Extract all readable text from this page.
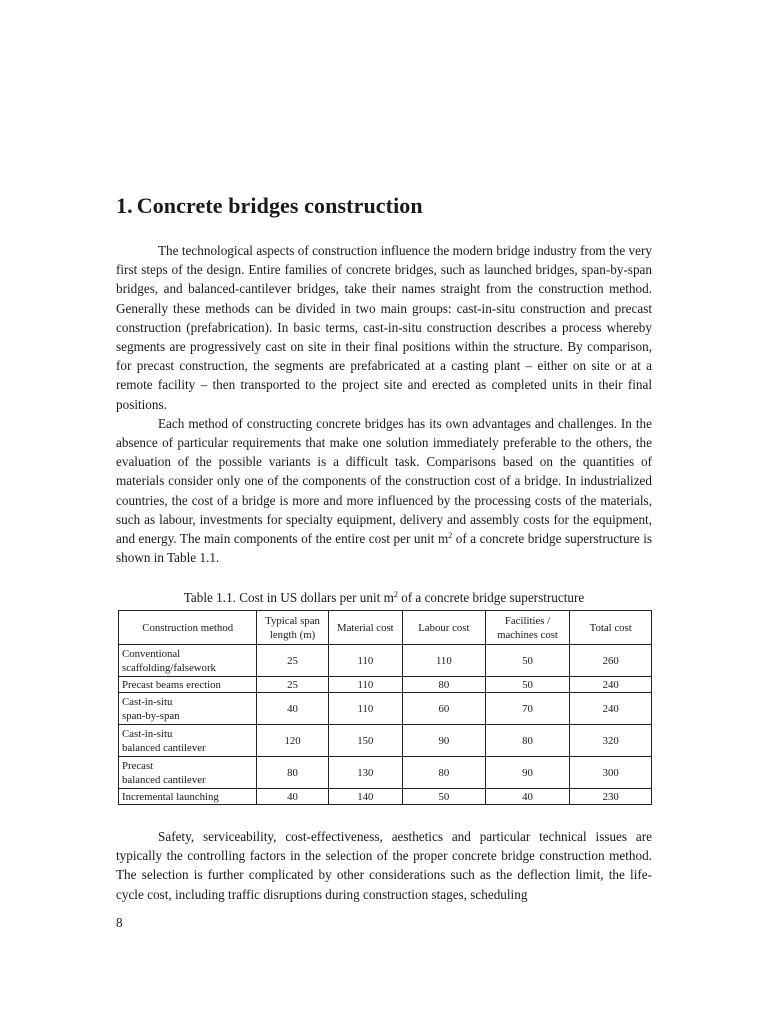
1. Concrete bridges construction

The technological aspects of construction influence the modern bridge industry from the very first steps of the design. Entire families of concrete bridges, such as launched bridges, span-by-span bridges, and balanced-cantilever bridges, take their names straight from the construction method. Generally these methods can be divided in two main groups: cast-in-situ construction and precast construction (prefabrication). In basic terms, cast-in-situ construction describes a process whereby segments are progressively cast on site in their final positions within the structure. By comparison, for precast construction, the segments are prefabricated at a casting plant – either on site or at a remote facility – then transported to the project site and erected as completed units in their final positions.

Each method of constructing concrete bridges has its own advantages and challenges. In the absence of particular requirements that make one solution immediately preferable to the others, the evaluation of the possible variants is a difficult task. Comparisons based on the quantities of materials consider only one of the components of the construction cost of a bridge. In industrialized countries, the cost of a bridge is more and more influenced by the processing costs of the materials, such as labour, investments for specialty equipment, delivery and assembly costs for the equipment, and energy. The main components of the entire cost per unit $m^2$ of a concrete bridge superstructure is shown in Table 1.1.

Table 1.1. Cost in US dollars per unit $m^2$ of a concrete bridge superstructure
Construction method	Typical span length (m)	Material cost	Labour cost	Facilities / machines cost	Total cost
Conventional
scaffolding/falsework	25	110	110	50	260
Precast beams erection	25	110	80	50	240
Cast-in-situ
span-by-span	40	110	60	70	240
Cast-in-situ
balanced cantilever	120	150	90	80	320
Precast
balanced cantilever	80	130	80	90	300
Incremental launching	40	140	50	40	230

Safety, serviceability, cost-effectiveness, aesthetics and particular technical issues are typically the controlling factors in the selection of the proper concrete bridge construction method. The selection is further complicated by other considerations such as the deflection limit, the life-cycle cost, including traffic disruptions during construction stages, scheduling

8
